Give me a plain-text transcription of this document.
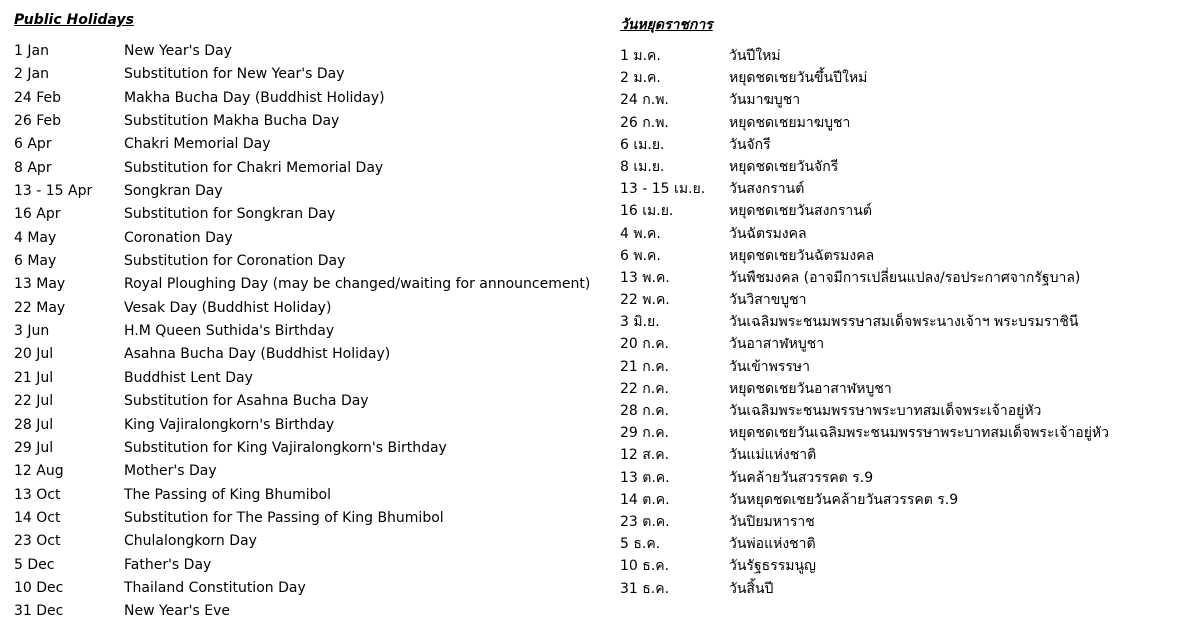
Public Holidays
1 Jan	New Year's Day
2 Jan	Substitution for New Year's Day
24 Feb	Makha Bucha Day (Buddhist Holiday)
26 Feb	Substitution Makha Bucha Day
6 Apr	Chakri Memorial Day
8 Apr	Substitution for Chakri Memorial Day
13 - 15 Apr	Songkran Day
16 Apr	Substitution for Songkran Day
4 May	Coronation Day
6 May	Substitution for Coronation Day
13 May	Royal Ploughing Day (may be changed/waiting for announcement)
22 May	Vesak Day (Buddhist Holiday)
3 Jun	H.M Queen Suthida's Birthday
20 Jul	Asahna Bucha Day (Buddhist Holiday)
21 Jul	Buddhist Lent Day
22 Jul	Substitution for Asahna Bucha Day
28 Jul	King Vajiralongkorn's Birthday
29 Jul	Substitution for King Vajiralongkorn's Birthday
12 Aug	Mother's Day
13 Oct	The Passing of King Bhumibol
14 Oct	Substitution for The Passing of King Bhumibol
23 Oct	Chulalongkorn Day
5 Dec	Father's Day
10 Dec	Thailand Constitution Day
31 Dec	New Year's Eve
วันหยุดราชการ
1 ม.ค.	วันปีใหม่
2 ม.ค.	หยุดชดเชยวันขึ้นปีใหม่
24 ก.พ.	วันมาฆบูชา
26 ก.พ.	หยุดชดเชยมาฆบูชา
6 เม.ย.	วันจักรี
8 เม.ย.	หยุดชดเชยวันจักรี
13 - 15 เม.ย.	วันสงกรานต์
16 เม.ย.	หยุดชดเชยวันสงกรานต์
4 พ.ค.	วันฉัตรมงคล
6 พ.ค.	หยุดชดเชยวันฉัตรมงคล
13 พ.ค.	วันพืชมงคล (อาจมีการเปลี่ยนแปลง/รอประกาศจากรัฐบาล)
22 พ.ค.	วันวิสาขบูชา
3 มิ.ย.	วันเฉลิมพระชนมพรรษาสมเด็จพระนางเจ้าฯ พระบรมราชินี
20 ก.ค.	วันอาสาฬหบูชา
21 ก.ค.	วันเข้าพรรษา
22 ก.ค.	หยุดชดเชยวันอาสาฬหบูชา
28 ก.ค.	วันเฉลิมพระชนมพรรษาพระบาทสมเด็จพระเจ้าอยู่หัว
29 ก.ค.	หยุดชดเชยวันเฉลิมพระชนมพรรษาพระบาทสมเด็จพระเจ้าอยู่หัว
12 ส.ค.	วันแม่แห่งชาติ
13 ต.ค.	วันคล้ายวันสวรรคต ร.9
14 ต.ค.	วันหยุดชดเชยวันคล้ายวันสวรรคต ร.9
23 ต.ค.	วันปิยมหาราช
5 ธ.ค.	วันพ่อแห่งชาติ
10 ธ.ค.	วันรัฐธรรมนูญ
31 ธ.ค.	วันสิ้นปี
